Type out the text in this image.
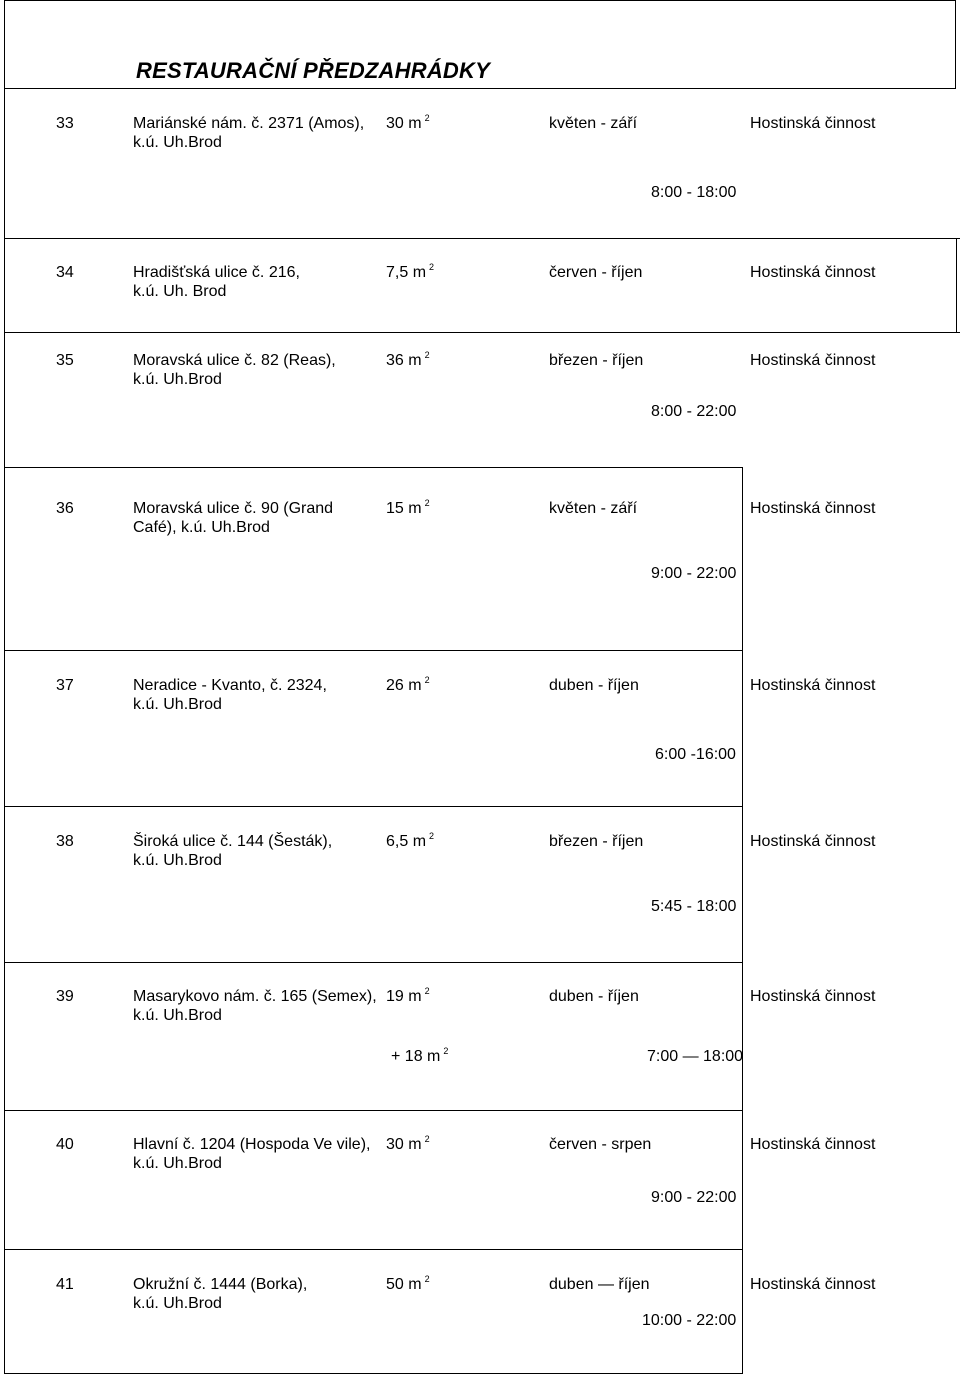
RESTAURAČNÍ PŘEDZAHRÁDKY
33	Mariánské nám. č. 2371 (Amos),
k.ú. Uh.Brod
30 m $^2$	květen - září	Hostinská činnost
8:00 - 18:00
34	Hradišťská ulice č. 216,
k.ú. Uh. Brod
7,5 m $^2$	červen - říjen	Hostinská činnost
35	Moravská ulice č. 82 (Reas),
k.ú. Uh.Brod
36 m $^2$	březen - říjen	Hostinská činnost
8:00 - 22:00
36	Moravská ulice č. 90 (Grand
Café), k.ú. Uh.Brod
15 m $^2$	květen - září	Hostinská činnost
9:00 - 22:00
37	Neradice - Kvanto, č. 2324,
k.ú. Uh.Brod
26 m $^2$	duben - říjen	Hostinská činnost
6:00 -16:00
38	Široká ulice č. 144 (Šesták),
k.ú. Uh.Brod
6,5 m $^2$	březen - říjen	Hostinská činnost
5:45 - 18:00
39	Masarykovo nám. č. 165 (Semex),
k.ú. Uh.Brod
19 m $^2$
+ 18 m $^2$
duben - říjen	Hostinská činnost
7:00 — 18:00
40	Hlavní č. 1204 (Hospoda Ve vile),
k.ú. Uh.Brod
30 m $^2$	červen - srpen	Hostinská činnost
9:00 - 22:00
41	Okružní č. 1444 (Borka),
k.ú. Uh.Brod
50 m $^2$	duben — říjen	Hostinská činnost
10:00 - 22:00
